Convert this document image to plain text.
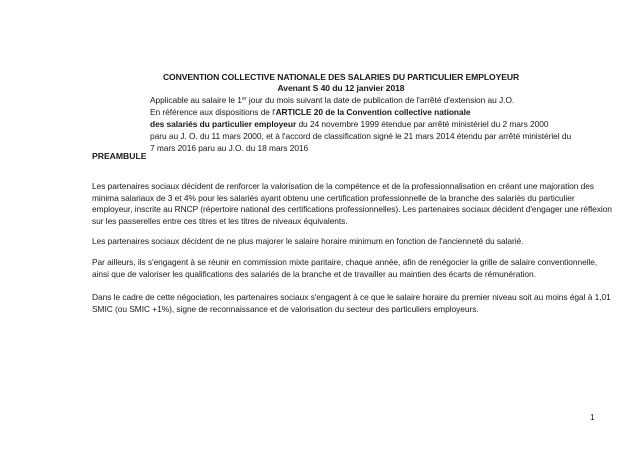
CONVENTION COLLECTIVE NATIONALE DES SALARIES DU PARTICULIER EMPLOYEUR
Avenant S 40 du 12 janvier 2018
Applicable au salaire le 1er jour du mois suivant la date de publication de l'arrêté d'extension au J.O.
En référence aux dispositions de l'ARTICLE 20 de la Convention collective nationale
des salariés du particulier employeur du 24 novembre 1999 étendue par arrêté ministériel du 2 mars 2000
paru au J. O. du 11 mars 2000, et à l'accord de classification signé le 21 mars 2014 étendu par arrêté ministériel du
7 mars 2016 paru au J.O. du 18 mars 2016
PREAMBULE
Les partenaires sociaux décident de renforcer la valorisation de la compétence et de la professionnalisation en créant une majoration des minima salariaux de 3 et 4% pour les salariés ayant obtenu une certification professionnelle de la branche des salariés du particulier employeur, inscrite au RNCP (répertoire national des certifications professionnelles). Les partenaires sociaux décident d'engager une réflexion sur les passerelles entre ces titres et les titres de niveaux équivalents.
Les partenaires sociaux décident de ne plus majorer le salaire horaire minimum en fonction de l'ancienneté du salarié.
Par ailleurs, ils s'engagent à se réunir en commission mixte paritaire, chaque année, afin de renégocier la grille de salaire conventionnelle, ainsi que de valoriser les qualifications des salariés de la branche et de travailler au maintien des écarts de rémunération.
Dans le cadre de cette négociation, les partenaires sociaux s'engagent à ce que le salaire horaire du premier niveau soit au moins égal à 1,01 SMIC (ou SMIC +1%), signe de reconnaissance et de valorisation du secteur des particuliers employeurs.
1
